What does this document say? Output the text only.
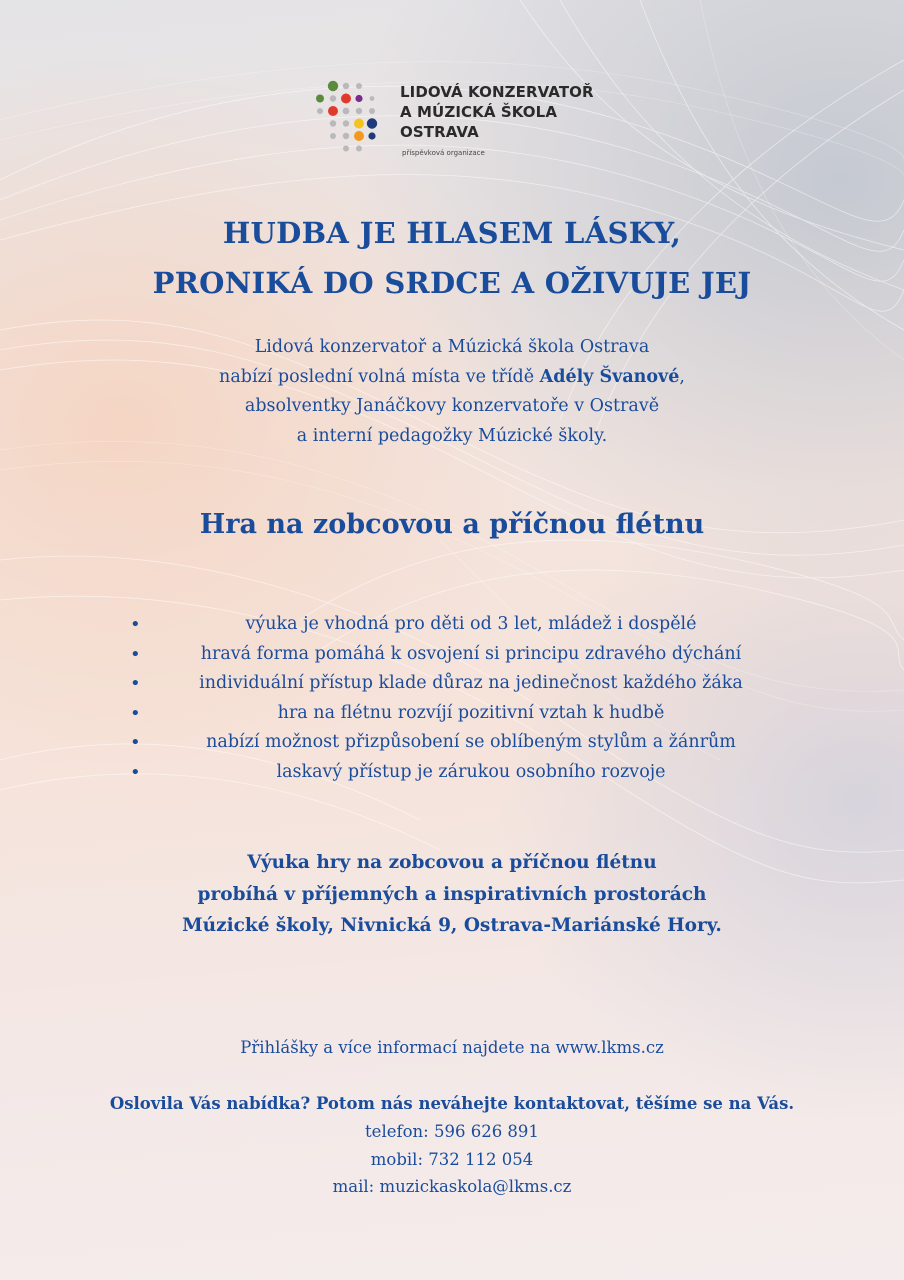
LIDOVÁ KONZERVATOŘ
A MÚZICKÁ ŠKOLA
OSTRAVA
příspěvková organizace
HUDBA JE HLASEM LÁSKY,
PRONIKÁ DO SRDCE A OŽIVUJE JEJ
Lidová konzervatoř a Múzická škola Ostrava
nabízí poslední volná místa ve třídě Adély Švanové,
absolventky Janáčkovy konzervatoře v Ostravě
a interní pedagožky Múzické školy.
Hra na zobcovou a příčnou flétnu
•	výuka je vhodná pro děti od 3 let, mládež i dospělé
•	hravá forma pomáhá k osvojení si principu zdravého dýchání
•	individuální přístup klade důraz na jedinečnost každého žáka
•	hra na flétnu rozvíjí pozitivní vztah k hudbě
•	nabízí možnost přizpůsobení se oblíbeným stylům a žánrům
•	laskavý přístup je zárukou osobního rozvoje
Výuka hry na zobcovou a příčnou flétnu
probíhá v příjemných a inspirativních prostorách
Múzické školy, Nivnická 9, Ostrava-Mariánské Hory.
Přihlášky a více informací najdete na www.lkms.cz
Oslovila Vás nabídka? Potom nás neváhejte kontaktovat, těšíme se na Vás.
telefon: 596 626 891
mobil: 732 112 054
mail: muzickaskola@lkms.cz
